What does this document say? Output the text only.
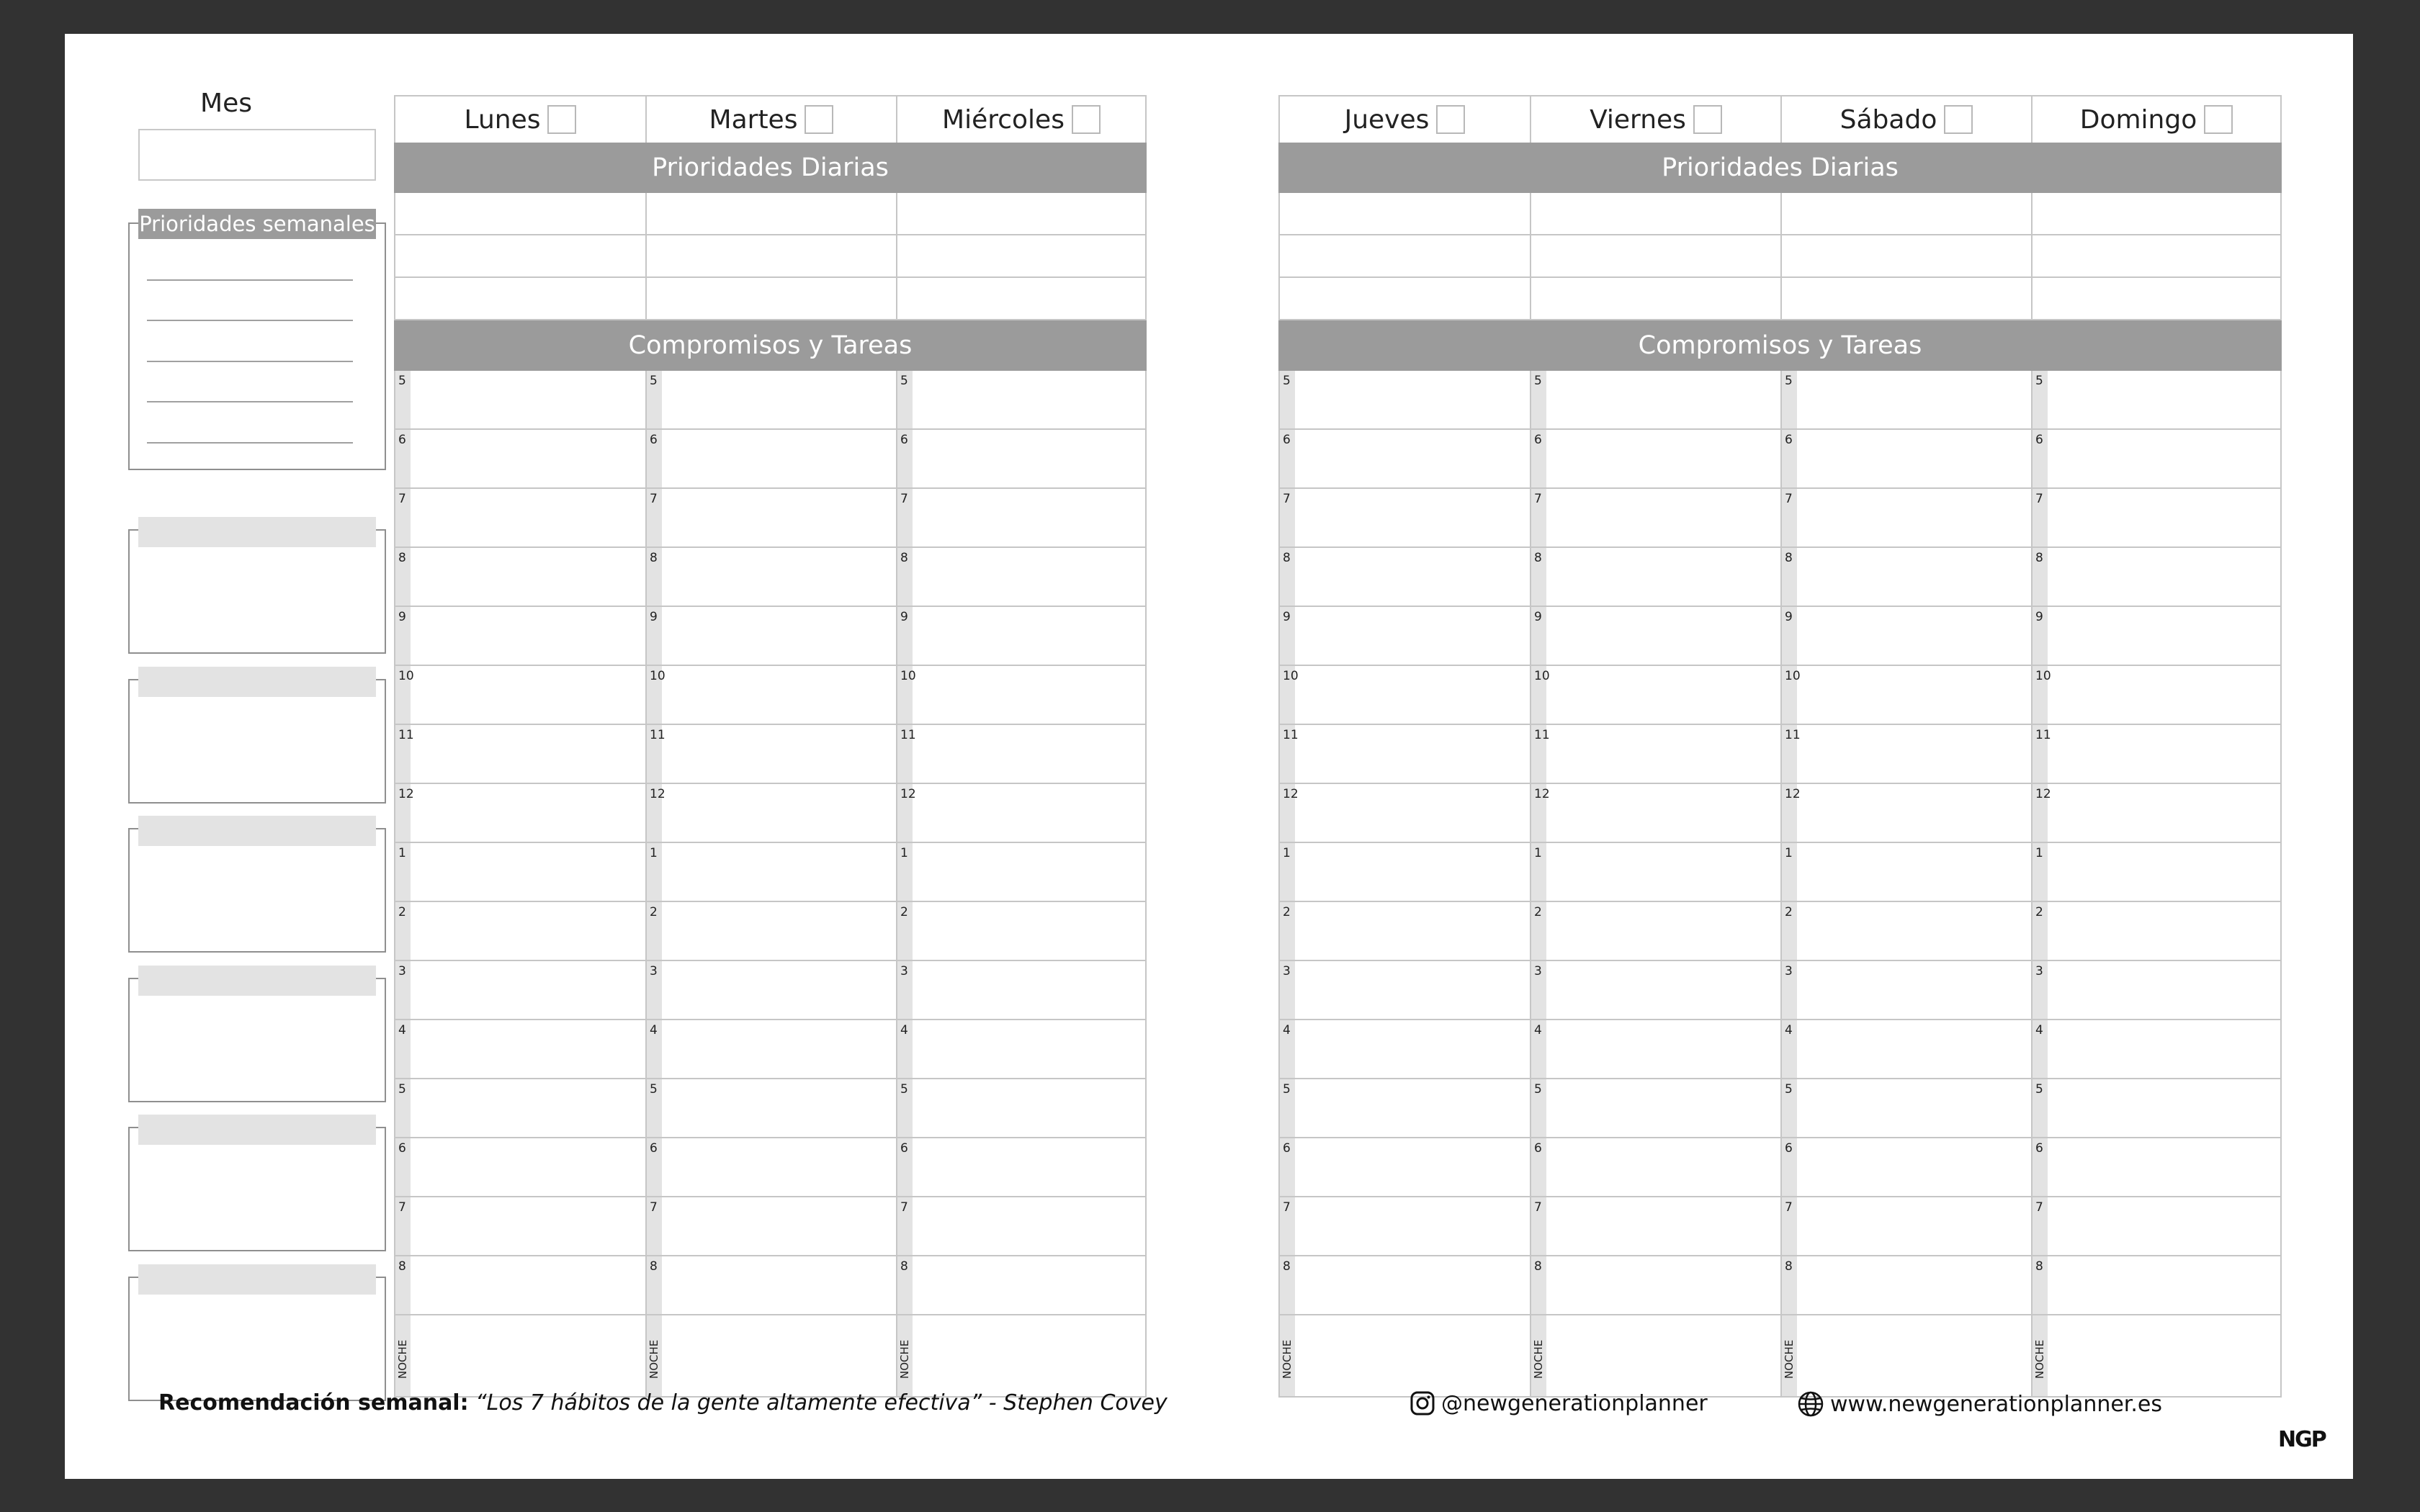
Mes
Prioridades semanales
Lunes
Prioridades Diarias
Compromisos y Tareas
5
6
7
8
9
10
11
12
1
2
3
4
5
6
7
8
NOCHE
Martes
5
6
7
8
9
10
11
12
1
2
3
4
5
6
7
8
NOCHE
Miércoles
5
6
7
8
9
10
11
12
1
2
3
4
5
6
7
8
NOCHE
Jueves
Prioridades Diarias
Compromisos y Tareas
5
6
7
8
9
10
11
12
1
2
3
4
5
6
7
8
NOCHE
Viernes
5
6
7
8
9
10
11
12
1
2
3
4
5
6
7
8
NOCHE
Sábado
5
6
7
8
9
10
11
12
1
2
3
4
5
6
7
8
NOCHE
Domingo
5
6
7
8
9
10
11
12
1
2
3
4
5
6
7
8
NOCHE
Recomendación semanal: “Los 7 hábitos de la gente altamente efectiva” - Stephen Covey	@newgenerationplanner	www.newgenerationplanner.es
NGP
